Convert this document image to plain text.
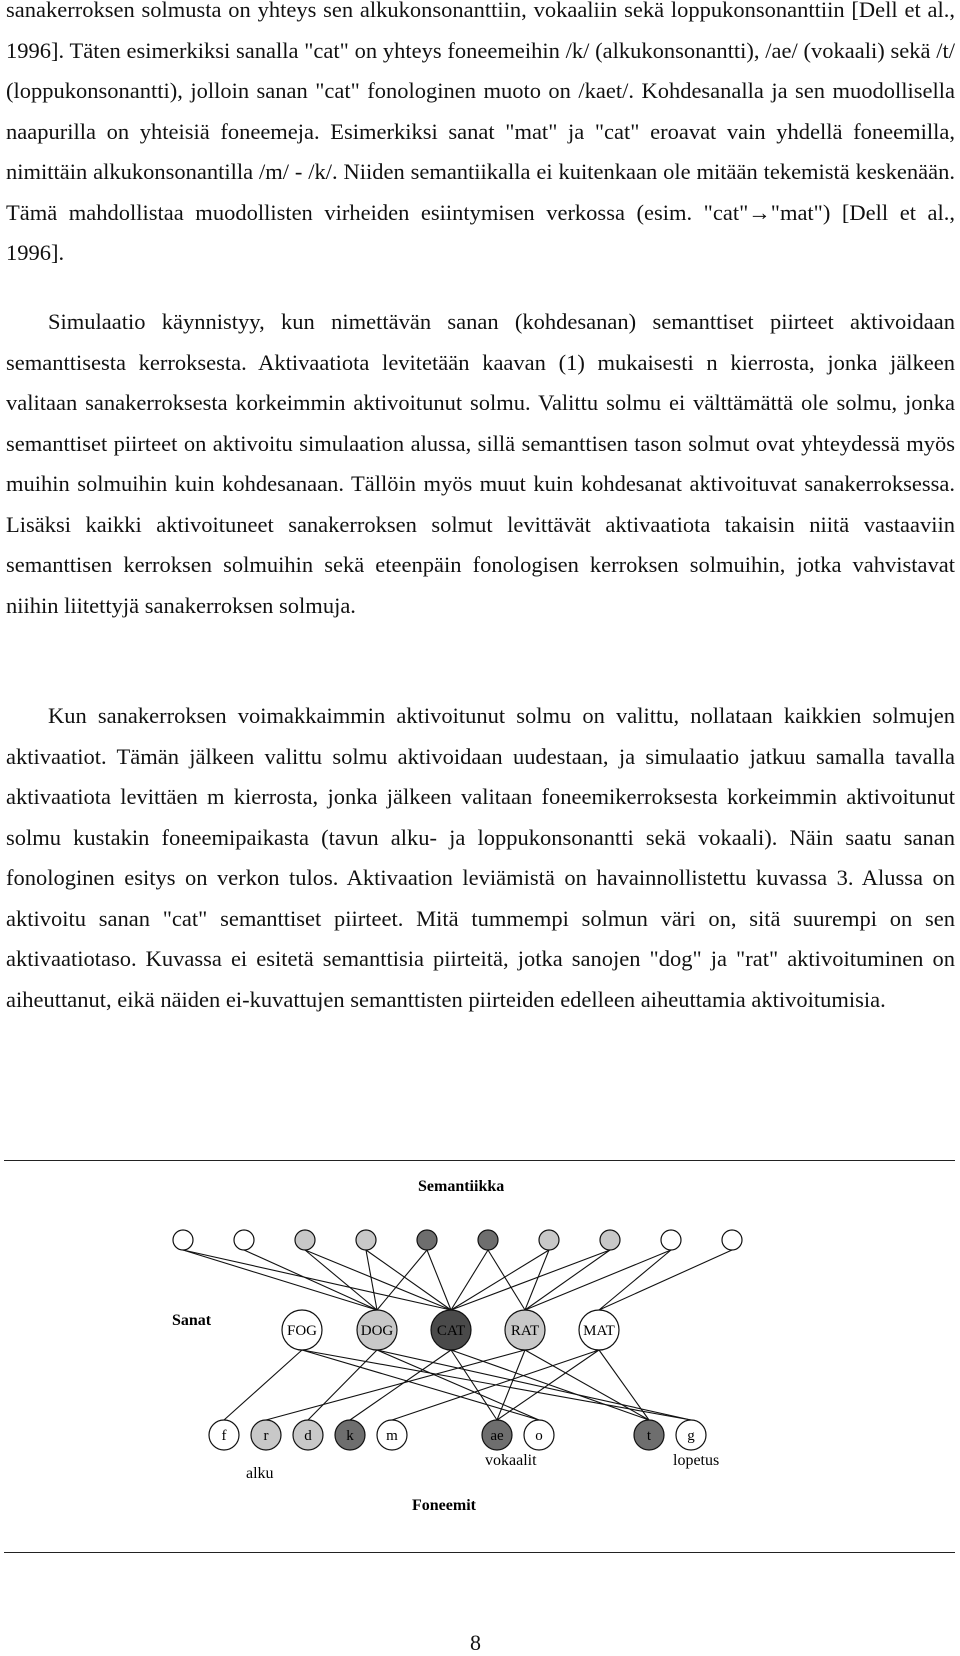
sanakerroksen solmusta on yhteys sen alkukonsonanttiin, vokaaliin sekä loppukonsonanttiin [Dell et al., 1996]. Täten esimerkiksi sanalla "cat" on yhteys foneemeihin /k/ (alkukonsonantti), /ae/ (vokaali) sekä /t/ (loppukonsonantti), jolloin sanan "cat" fonologinen muoto on /kaet/. Kohdesanalla ja sen muodollisella naapurilla on yhteisiä foneemeja. Esimerkiksi sanat "mat" ja "cat" eroavat vain yhdellä foneemilla, nimittäin alkukonsonantilla /m/ - /k/. Niiden semantiikalla ei kuitenkaan ole mitään tekemistä keskenään. Tämä mahdollistaa muodollisten virheiden esiintymisen verkossa (esim. "cat"→"mat") [Dell et al., 1996].

Simulaatio käynnistyy, kun nimettävän sanan (kohdesanan) semanttiset piirteet aktivoidaan semanttisesta kerroksesta. Aktivaatiota levitetään kaavan (1) mukaisesti n kierrosta, jonka jälkeen valitaan sanakerroksesta korkeimmin aktivoitunut solmu. Valittu solmu ei välttämättä ole solmu, jonka semanttiset piirteet on aktivoitu simulaation alussa, sillä semanttisen tason solmut ovat yhteydessä myös muihin solmuihin kuin kohdesanaan. Tällöin myös muut kuin kohdesanat aktivoituvat sanakerroksessa. Lisäksi kaikki aktivoituneet sanakerroksen solmut levittävät aktivaatiota takaisin niitä vastaaviin semanttisen kerroksen solmuihin sekä eteenpäin fonologisen kerroksen solmuihin, jotka vahvistavat niihin liitettyjä sanakerroksen solmuja.

Kun sanakerroksen voimakkaimmin aktivoitunut solmu on valittu, nollataan kaikkien solmujen aktivaatiot. Tämän jälkeen valittu solmu aktivoidaan uudestaan, ja simulaatio jatkuu samalla tavalla aktivaatiota levittäen m kierrosta, jonka jälkeen valitaan foneemikerroksesta korkeimmin aktivoitunut solmu kustakin foneemipaikasta (tavun alku- ja loppukonsonantti sekä vokaali). Näin saatu sanan fonologinen esitys on verkon tulos. Aktivaation leviämistä on havainnollistettu kuvassa 3. Alussa on aktivoitu sanan "cat" semanttiset piirteet. Mitä tummempi solmun väri on, sitä suurempi on sen aktivaatiotaso. Kuvassa ei esitetä semanttisia piirteitä, jotka sanojen "dog" ja "rat" aktivoituminen on aiheuttanut, eikä näiden ei-kuvattujen semanttisten piirteiden edelleen aiheuttamia aktivoitumisia.

FOG	DOG	CAT	RAT	MAT
f r d k m	ae o	t g
Semantiikka
Sanat
alku
vokaalit	lopetus
Foneemit
8
